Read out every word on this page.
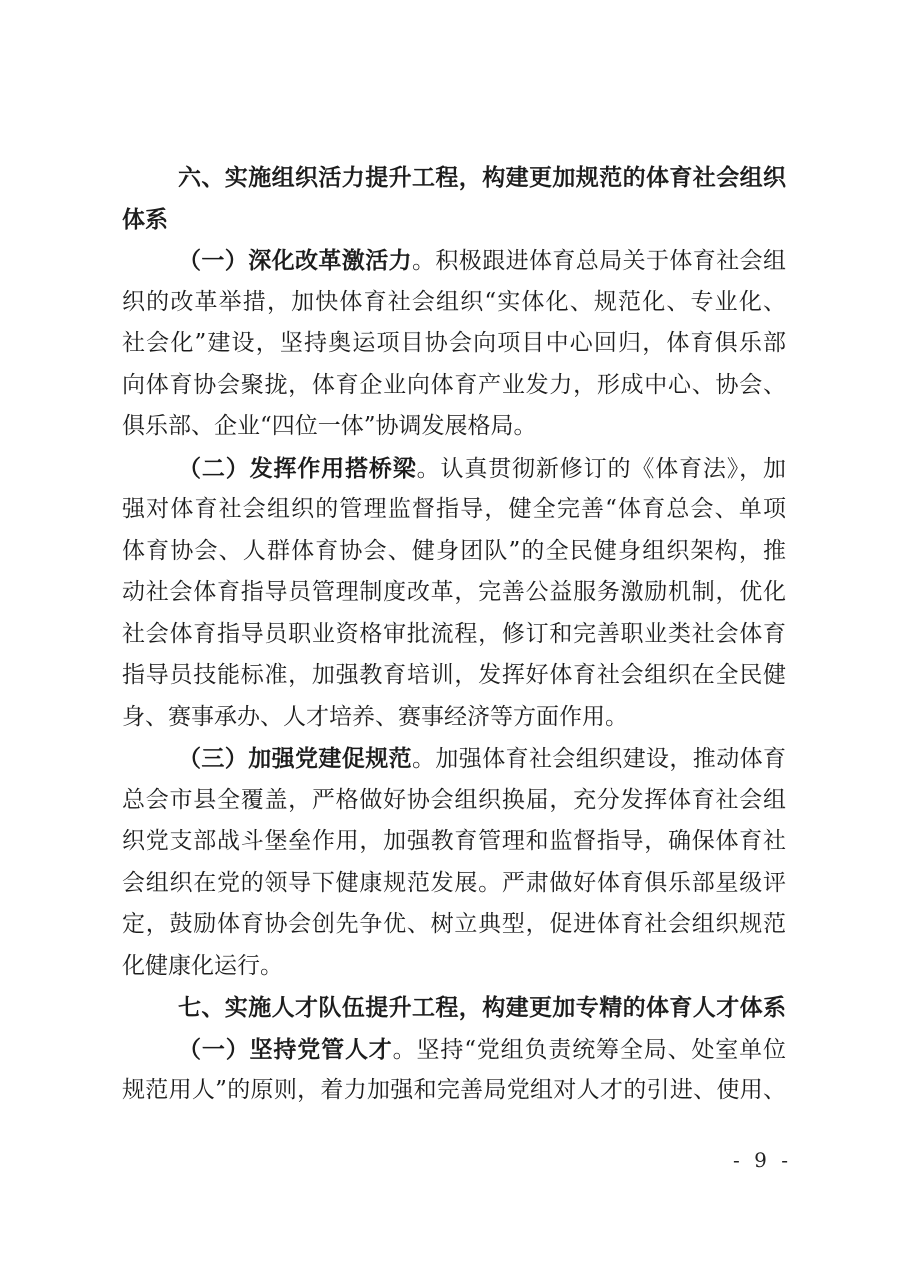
六、实施组织活力提升工程，构建更加规范的体育社会组织
体系
（一）深化改革激活力。积极跟进体育总局关于体育社会组
织的改革举措，加快体育社会组织“实体化、规范化、专业化、
社会化”建设，坚持奥运项目协会向项目中心回归，体育俱乐部
向体育协会聚拢，体育企业向体育产业发力，形成中心、协会、
俱乐部、企业“四位一体”协调发展格局。
（二）发挥作用搭桥梁。认真贯彻新修订的《体育法》，加
强对体育社会组织的管理监督指导，健全完善“体育总会、单项
体育协会、人群体育协会、健身团队”的全民健身组织架构，推
动社会体育指导员管理制度改革，完善公益服务激励机制，优化
社会体育指导员职业资格审批流程，修订和完善职业类社会体育
指导员技能标准，加强教育培训，发挥好体育社会组织在全民健
身、赛事承办、人才培养、赛事经济等方面作用。
（三）加强党建促规范。加强体育社会组织建设，推动体育
总会市县全覆盖，严格做好协会组织换届，充分发挥体育社会组
织党支部战斗堡垒作用，加强教育管理和监督指导，确保体育社
会组织在党的领导下健康规范发展。严肃做好体育俱乐部星级评
定，鼓励体育协会创先争优、树立典型，促进体育社会组织规范
化健康化运行。
七、实施人才队伍提升工程，构建更加专精的体育人才体系
（一）坚持党管人才。坚持“党组负责统筹全局、处室单位
规范用人”的原则，着力加强和完善局党组对人才的引进、使用、
- 9 -
